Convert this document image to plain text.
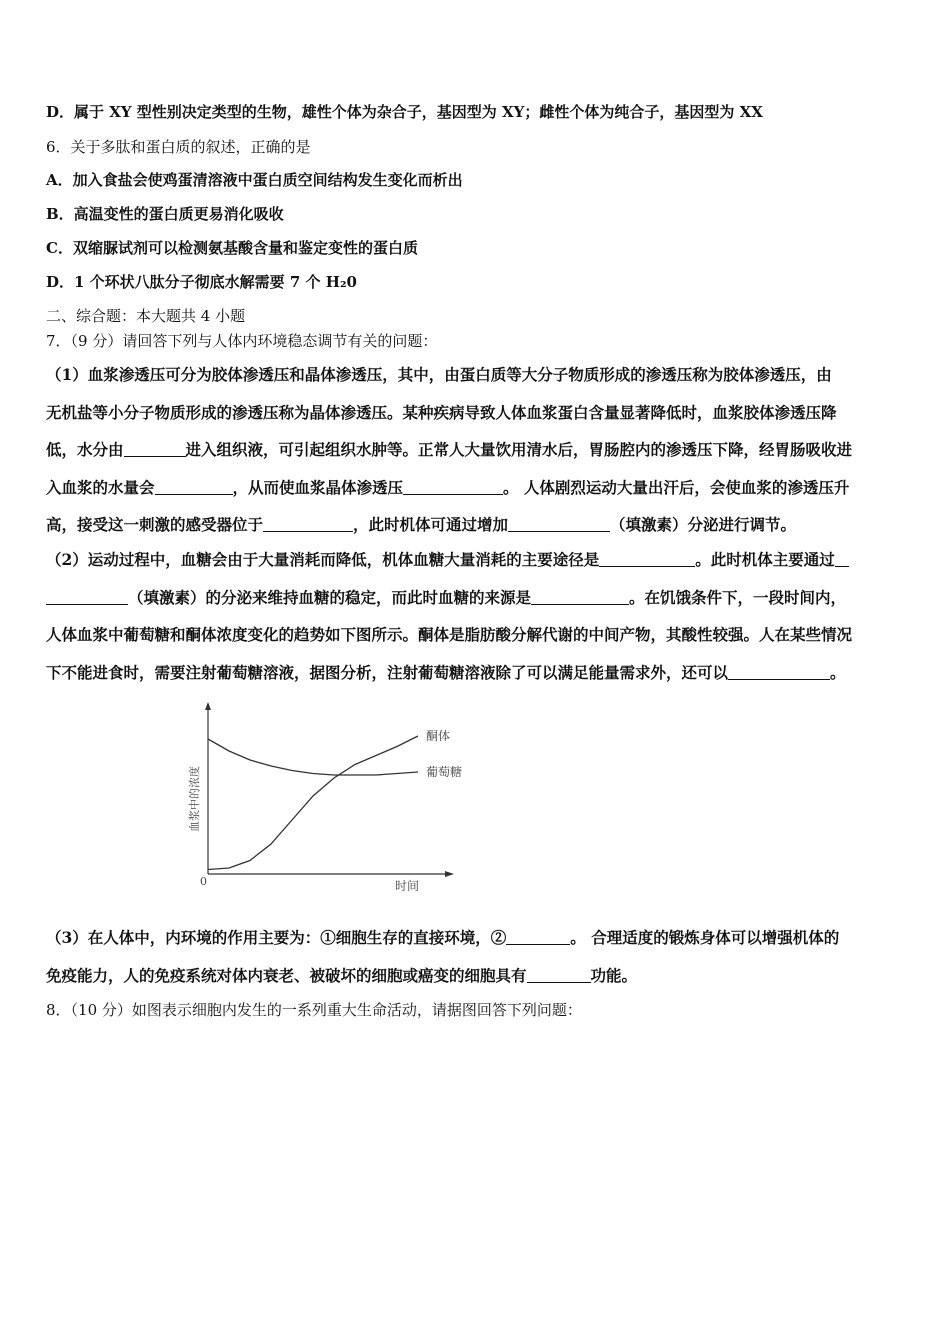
D．属于 XY 型性别决定类型的生物，雄性个体为杂合子，基因型为 XY；雌性个体为纯合子，基因型为 XX
6．关于多肽和蛋白质的叙述，正确的是
A．加入食盐会使鸡蛋清溶液中蛋白质空间结构发生变化而析出
B．高温变性的蛋白质更易消化吸收
C．双缩脲试剂可以检测氨基酸含量和鉴定变性的蛋白质
D．1 个环状八肽分子彻底水解需要 7 个 H₂0
二、综合题：本大题共 4 小题
7．（9 分）请回答下列与人体内环境稳态调节有关的问题：
（1）血浆渗透压可分为胶体渗透压和晶体渗透压，其中，由蛋白质等大分子物质形成的渗透压称为胶体渗透压，由
无机盐等小分子物质形成的渗透压称为晶体渗透压。某种疾病导致人体血浆蛋白含量显著降低时，血浆胶体渗透压降
低，水分由	进入组织液，可引起组织水肿等。正常人大量饮用清水后，胃肠腔内的渗透压下降，经胃肠吸收进
入血浆的水量会	，从而使血浆晶体渗透压	。 人体剧烈运动大量出汗后，会使血浆的渗透压升
高，接受这一刺激的感受器位于	，此时机体可通过增加	（填激素）分泌进行调节。
（2）运动过程中，血糖会由于大量消耗而降低，机体血糖大量消耗的主要途径是	。此时机体主要通过
（填激素）的分泌来维持血糖的稳定，而此时血糖的来源是	。在饥饿条件下，一段时间内，
人体血浆中葡萄糖和酮体浓度变化的趋势如下图所示。酮体是脂肪酸分解代谢的中间产物，其酸性较强。人在某些情况
下不能进食时，需要注射葡萄糖溶液，据图分析，注射葡萄糖溶液除了可以满足能量需求外，还可以	。
酮体
葡萄糖
血浆中的浓度
时间
0
（3）在人体中，内环境的作用主要为：①细胞生存的直接环境，②	。 合理适度的锻炼身体可以增强机体的
免疫能力，人的免疫系统对体内衰老、被破坏的细胞或癌变的细胞具有	功能。
8．（10 分）如图表示细胞内发生的一系列重大生命活动，请据图回答下列问题：
